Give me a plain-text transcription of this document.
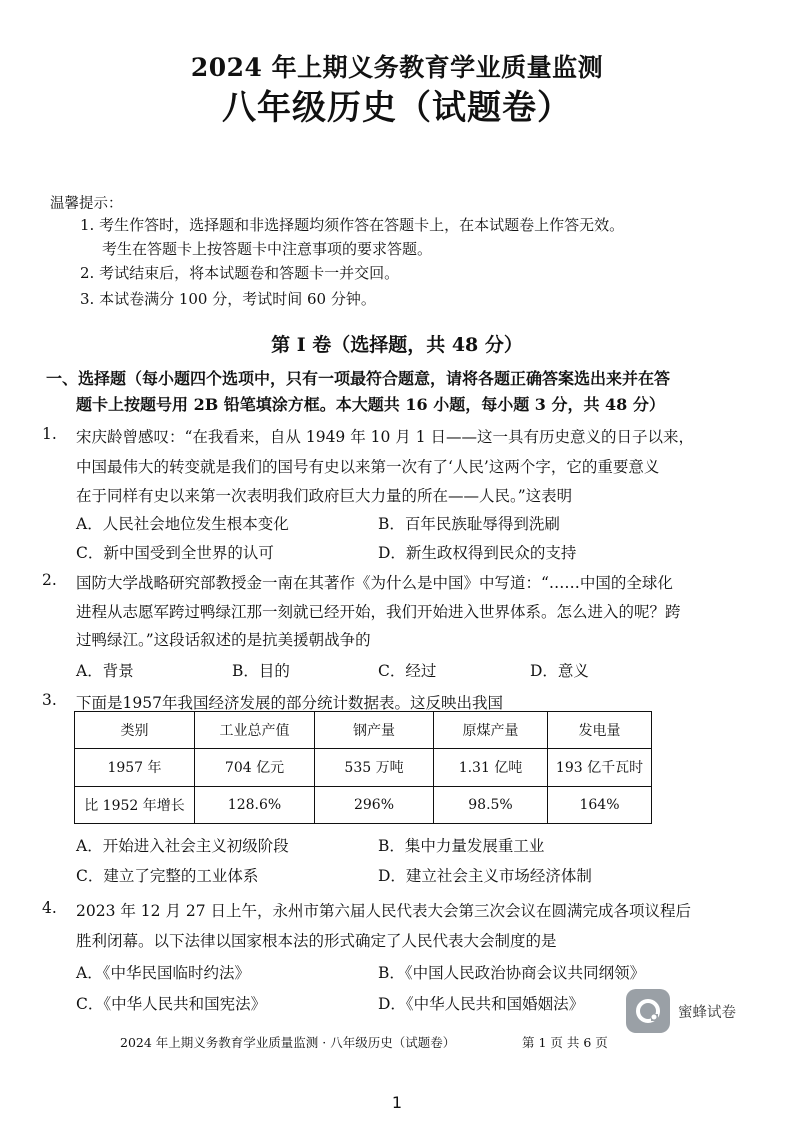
2024 年上期义务教育学业质量监测
八年级历史（试题卷）
温馨提示：
1. 考生作答时，选择题和非选择题均须作答在答题卡上，在本试题卷上作答无效。
考生在答题卡上按答题卡中注意事项的要求答题。
2. 考试结束后，将本试题卷和答题卡一并交回。
3. 本试卷满分 100 分，考试时间 60 分钟。
第 I 卷（选择题，共 48 分）
一、选择题（每小题四个选项中，只有一项最符合题意，请将各题正确答案选出来并在答
题卡上按题号用 2B 铅笔填涂方框。本大题共 16 小题，每小题 3 分，共 48 分）
1. 宋庆龄曾感叹：“在我看来，自从 1949 年 10 月 1 日——这一具有历史意义的日子以来，
中国最伟大的转变就是我们的国号有史以来第一次有了‘人民’这两个字，它的重要意义
在于同样有史以来第一次表明我们政府巨大力量的所在——人民。”这表明
A．人民社会地位发生根本变化	B．百年民族耻辱得到洗刷
C．新中国受到全世界的认可	D．新生政权得到民众的支持
2. 国防大学战略研究部教授金一南在其著作《为什么是中国》中写道：“……中国的全球化
进程从志愿军跨过鸭绿江那一刻就已经开始，我们开始进入世界体系。怎么进入的呢？跨
过鸭绿江。”这段话叙述的是抗美援朝战争的
A．背景	B．目的	C．经过	D．意义
3. 下面是1957年我国经济发展的部分统计数据表。这反映出我国
类别	工业总产值	钢产量	原煤产量	发电量
1957 年	704 亿元	535 万吨	1.31 亿吨	193 亿千瓦时
比 1952 年增长	128.6%	296%	98.5%	164%
A．开始进入社会主义初级阶段	B．集中力量发展重工业
C．建立了完整的工业体系	D．建立社会主义市场经济体制
4. 2023 年 12 月 27 日上午，永州市第六届人民代表大会第三次会议在圆满完成各项议程后
胜利闭幕。以下法律以国家根本法的形式确定了人民代表大会制度的是
A．《中华民国临时约法》	B．《中国人民政治协商会议共同纲领》
C．《中华人民共和国宪法》	D．《中华人民共和国婚姻法》	蜜蜂试卷
2024 年上期义务教育学业质量监测 · 八年级历史（试题卷）	第 1 页 共 6 页
1
